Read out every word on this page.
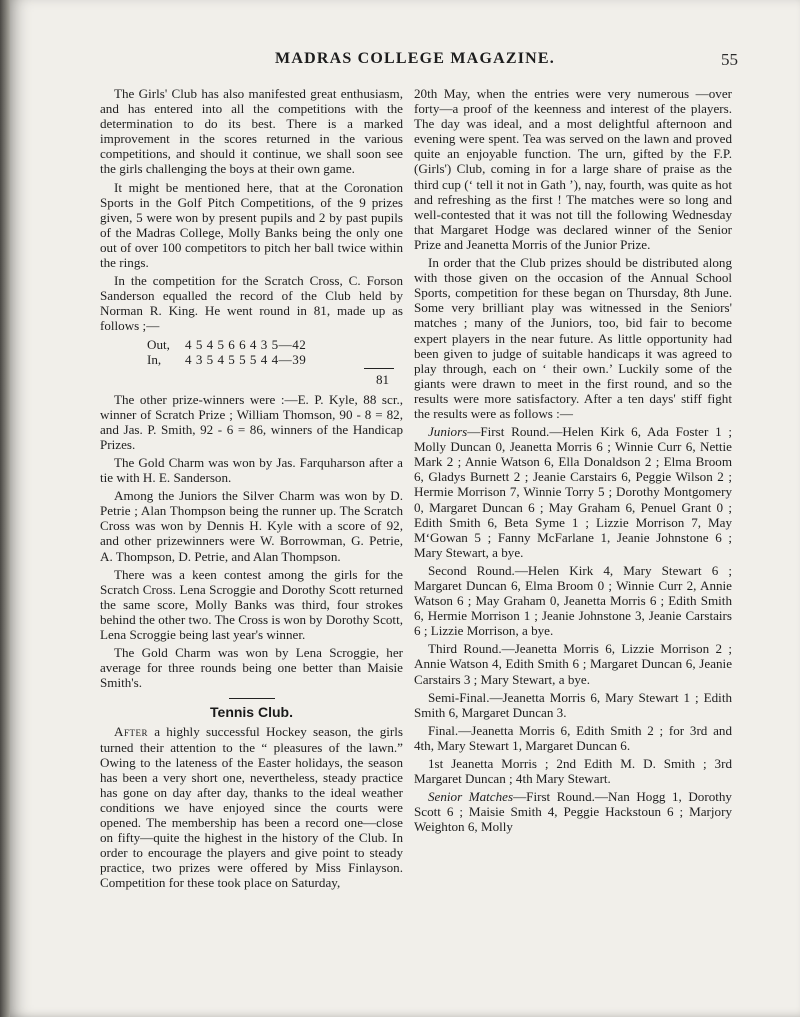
MADRAS COLLEGE MAGAZINE.	55

The Girls' Club has also manifested great enthusiasm, and has entered into all the competitions with the determination to do its best. There is a marked improvement in the scores returned in the various competitions, and should it continue, we shall soon see the girls challenging the boys at their own game.

It might be mentioned here, that at the Coronation Sports in the Golf Pitch Competitions, of the 9 prizes given, 5 were won by present pupils and 2 by past pupils of the Madras College, Molly Banks being the only one out of over 100 competitors to pitch her ball twice within the rings.

In the competition for the Scratch Cross, C. Forson Sanderson equalled the record of the Club held by Norman R. King. He went round in 81, made up as follows ;—

Out,	4 5 4 5 6 6 4 3 5—42
In,	4 3 5 4 5 5 5 4 4—39
81

The other prize-winners were :—E. P. Kyle, 88 scr., winner of Scratch Prize ; William Thomson, 90 - 8 = 82, and Jas. P. Smith, 92 - 6 = 86, winners of the Handicap Prizes.

The Gold Charm was won by Jas. Farquharson after a tie with H. E. Sanderson.

Among the Juniors the Silver Charm was won by D. Petrie ; Alan Thompson being the runner up. The Scratch Cross was won by Dennis H. Kyle with a score of 92, and other prizewinners were W. Borrowman, G. Petrie, A. Thompson, D. Petrie, and Alan Thompson.

There was a keen contest among the girls for the Scratch Cross. Lena Scroggie and Dorothy Scott returned the same score, Molly Banks was third, four strokes behind the other two. The Cross is won by Dorothy Scott, Lena Scroggie being last year's winner.

The Gold Charm was won by Lena Scroggie, her average for three rounds being one better than Maisie Smith's.

Tennis Club.

After a highly successful Hockey season, the girls turned their attention to the “ pleasures of the lawn.” Owing to the lateness of the Easter holidays, the season has been a very short one, nevertheless, steady practice has gone on day after day, thanks to the ideal weather conditions we have enjoyed since the courts were opened. The membership has been a record one—close on fifty—quite the highest in the history of the Club. In order to encourage the players and give point to steady practice, two prizes were offered by Miss Finlayson. Competition for these took place on Saturday,

20th May, when the entries were very numerous —over forty—a proof of the keenness and interest of the players. The day was ideal, and a most delightful afternoon and evening were spent. Tea was served on the lawn and proved quite an enjoyable function. The urn, gifted by the F.P. (Girls') Club, coming in for a large share of praise as the third cup (‘ tell it not in Gath ’), nay, fourth, was quite as hot and refreshing as the first ! The matches were so long and well-contested that it was not till the following Wednesday that Margaret Hodge was declared winner of the Senior Prize and Jeanetta Morris of the Junior Prize.

In order that the Club prizes should be distributed along with those given on the occasion of the Annual School Sports, competition for these began on Thursday, 8th June. Some very brilliant play was witnessed in the Seniors' matches ; many of the Juniors, too, bid fair to become expert players in the near future. As little opportunity had been given to judge of suitable handicaps it was agreed to play through, each on ‘ their own.’ Luckily some of the giants were drawn to meet in the first round, and so the results were more satisfactory. After a ten days' stiff fight the results were as follows :—

Juniors—First Round.—Helen Kirk 6, Ada Foster 1 ; Molly Duncan 0, Jeanetta Morris 6 ; Winnie Curr 6, Nettie Mark 2 ; Annie Watson 6, Ella Donaldson 2 ; Elma Broom 6, Gladys Burnett 2 ; Jeanie Carstairs 6, Peggie Wilson 2 ; Hermie Morrison 7, Winnie Torry 5 ; Dorothy Montgomery 0, Margaret Duncan 6 ; May Graham 6, Penuel Grant 0 ; Edith Smith 6, Beta Syme 1 ; Lizzie Morrison 7, May M‘Gowan 5 ; Fanny McFarlane 1, Jeanie Johnstone 6 ; Mary Stewart, a bye.

Second Round.—Helen Kirk 4, Mary Stewart 6 ; Margaret Duncan 6, Elma Broom 0 ; Winnie Curr 2, Annie Watson 6 ; May Graham 0, Jeanetta Morris 6 ; Edith Smith 6, Hermie Morrison 1 ; Jeanie Johnstone 3, Jeanie Carstairs 6 ; Lizzie Morrison, a bye.

Third Round.—Jeanetta Morris 6, Lizzie Morrison 2 ; Annie Watson 4, Edith Smith 6 ; Margaret Duncan 6, Jeanie Carstairs 3 ; Mary Stewart, a bye.

Semi-Final.—Jeanetta Morris 6, Mary Stewart 1 ; Edith Smith 6, Margaret Duncan 3.

Final.—Jeanetta Morris 6, Edith Smith 2 ; for 3rd and 4th, Mary Stewart 1, Margaret Duncan 6.

1st Jeanetta Morris ; 2nd Edith M. D. Smith ; 3rd Margaret Duncan ; 4th Mary Stewart.

Senior Matches—First Round.—Nan Hogg 1, Dorothy Scott 6 ; Maisie Smith 4, Peggie Hackstoun 6 ; Marjory Weighton 6, Molly
